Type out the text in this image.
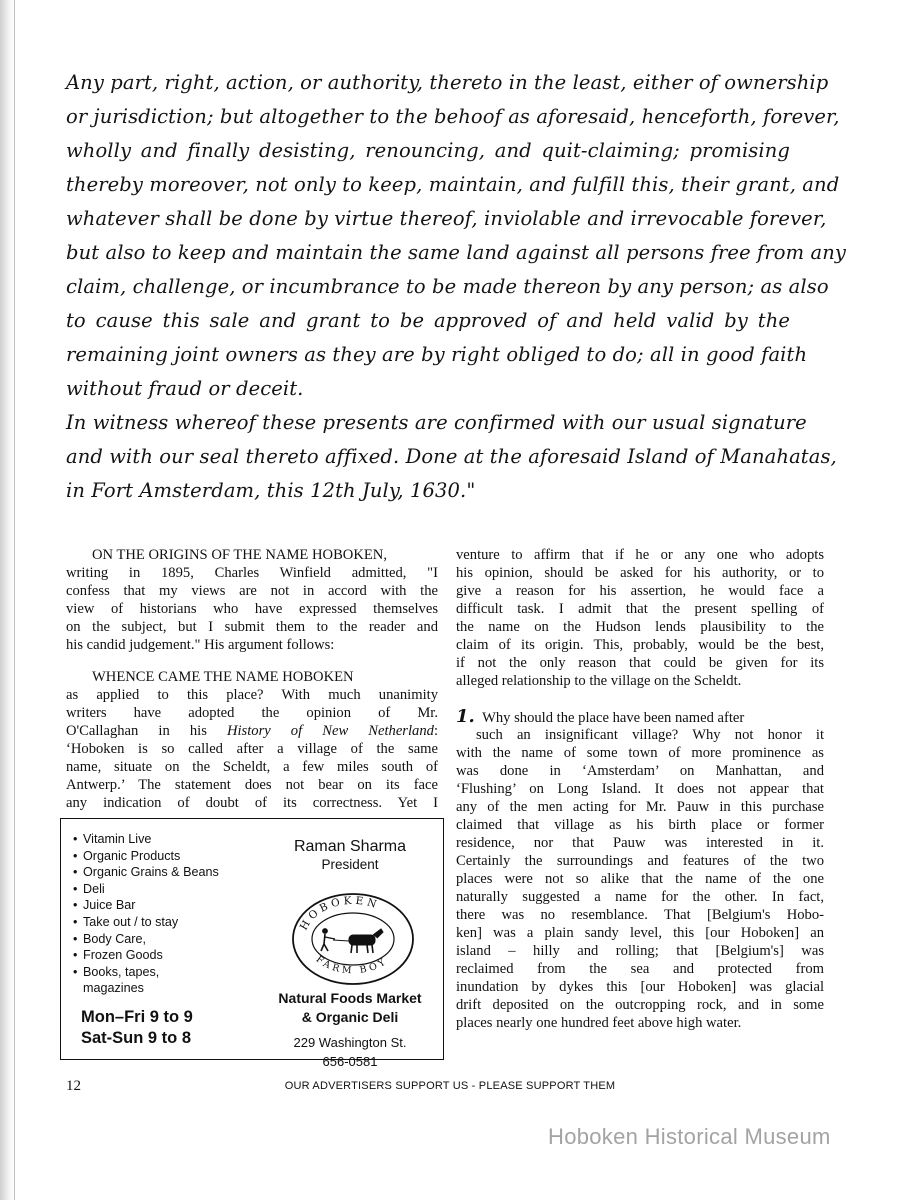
Any part, right, action, or authority, thereto in the least, either of ownership
or jurisdiction; but altogether to the behoof as aforesaid, henceforth, forever,
wholly and finally desisting, renouncing, and quit-claiming; promising
thereby moreover, not only to keep, maintain, and fulfill this, their grant, and
whatever shall be done by virtue thereof, inviolable and irrevocable forever,
but also to keep and maintain the same land against all persons free from any
claim, challenge, or incumbrance to be made thereon by any person; as also
to cause this sale and grant to be approved of and held valid by the
remaining joint owners as they are by right obliged to do; all in good faith
without fraud or deceit.
In witness whereof these presents are confirmed with our usual signature
and with our seal thereto affixed. Done at the aforesaid Island of Manahatas,
in Fort Amsterdam, this 12th July, 1630."
ON THE ORIGINS OF THE NAME HOBOKEN,
writing in 1895, Charles Winfield admitted, "I
confess that my views are not in accord with the
view of historians who have expressed themselves
on the subject, but I submit them to the reader and
his candid judgement." His argument follows:
WHENCE CAME THE NAME HOBOKEN
as applied to this place? With much unanimity
writers have adopted the opinion of Mr.
O'Callaghan in his History of New Netherland:
‘Hoboken is so called after a village of the same
name, situate on the Scheldt, a few miles south of
Antwerp.’ The statement does not bear on its face
any indication of doubt of its correctness. Yet I
venture to affirm that if he or any one who adopts
his opinion, should be asked for his authority, or to
give a reason for his assertion, he would face a
difficult task. I admit that the present spelling of
the name on the Hudson lends plausibility to the
claim of its origin. This, probably, would be the best,
if not the only reason that could be given for its
alleged relationship to the village on the Scheldt.
1. Why should the place have been named after
such an insignificant village? Why not honor it
with the name of some town of more prominence as
was done in ‘Amsterdam’ on Manhattan, and
‘Flushing’ on Long Island. It does not appear that
any of the men acting for Mr. Pauw in this purchase
claimed that village as his birth place or former
residence, nor that Pauw was interested in it.
Certainly the surroundings and features of the two
places were not so alike that the name of the one
naturally suggested a name for the other. In fact,
there was no resemblance. That [Belgium's Hobo-
ken] was a plain sandy level, this [our Hoboken] an
island – hilly and rolling; that [Belgium's] was
reclaimed from the sea and protected from
inundation by dykes this [our Hoboken] was glacial
drift deposited on the outcropping rock, and in some
places nearly one hundred feet above high water.
• Vitamin Live
• Organic Products
• Organic Grains & Beans
• Deli
• Juice Bar
• Take out / to stay
• Body Care,
• Frozen Goods
• Books, tapes,
magazines
Mon–Fri 9 to 9
Sat-Sun 9 to 8
Raman Sharma
President
HOBOKEN
FARM BOY
Natural Foods Market
& Organic Deli
229 Washington St.
656-0581
12	OUR ADVERTISERS SUPPORT US - PLEASE SUPPORT THEM
Hoboken Historical Museum
